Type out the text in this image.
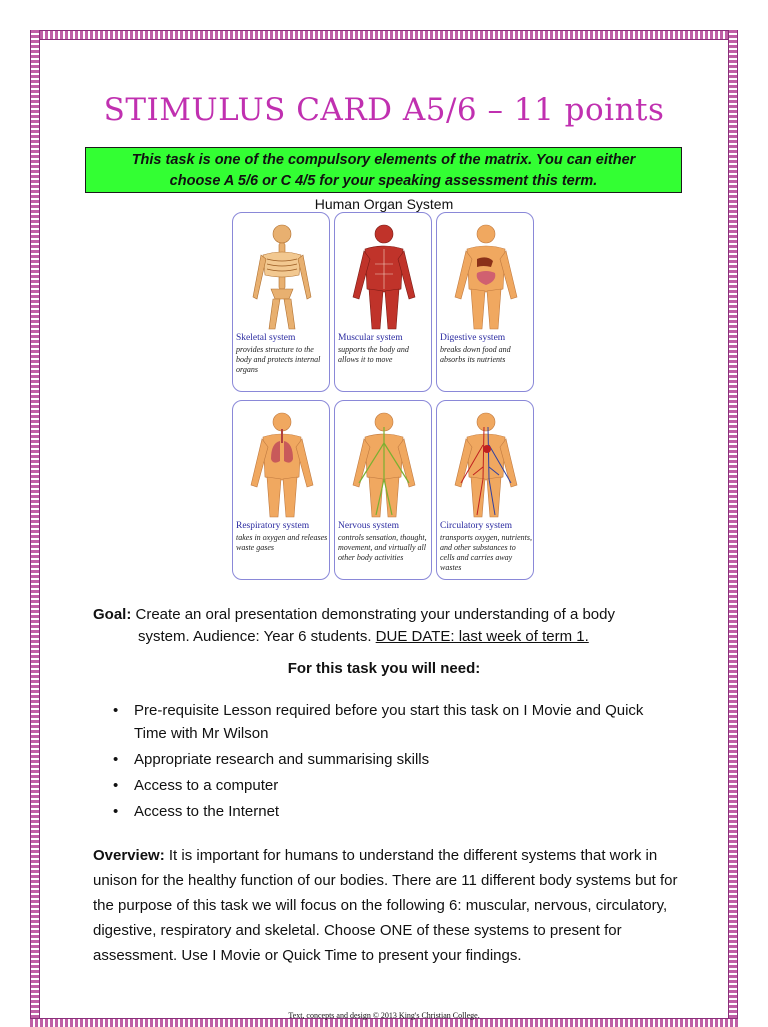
STIMULUS CARD A5/6 – 11 points
This task is one of the compulsory elements of the matrix. You can either
choose A 5/6 or C 4/5 for your speaking assessment this term.
Human Organ System
Skeletal system
provides structure to the body and protects internal organs
Muscular system
supports the body and allows it to move
Digestive system
breaks down food and absorbs its nutrients
Respiratory system
takes in oxygen and releases waste gases
Nervous system
controls sensation, thought, movement, and virtually all other body activities
Circulatory system
transports oxygen, nutrients, and other substances to cells and carries away wastes
Goal: Create an oral presentation demonstrating your understanding of a body
system. Audience: Year 6 students. DUE DATE: last week of term 1.
For this task you will need:
• Pre-requisite Lesson required before you start this task on I Movie and Quick Time with Mr Wilson
• Appropriate research and summarising skills
• Access to a computer
• Access to the Internet
Overview: It is important for humans to understand the different systems that work in unison for the healthy function of our bodies. There are 11 different body systems but for the purpose of this task we will focus on the following 6: muscular, nervous, circulatory, digestive, respiratory and skeletal. Choose ONE of these systems to present for assessment. Use I Movie or Quick Time to present your findings.
Text, concepts and design © 2013 King's Christian College.
